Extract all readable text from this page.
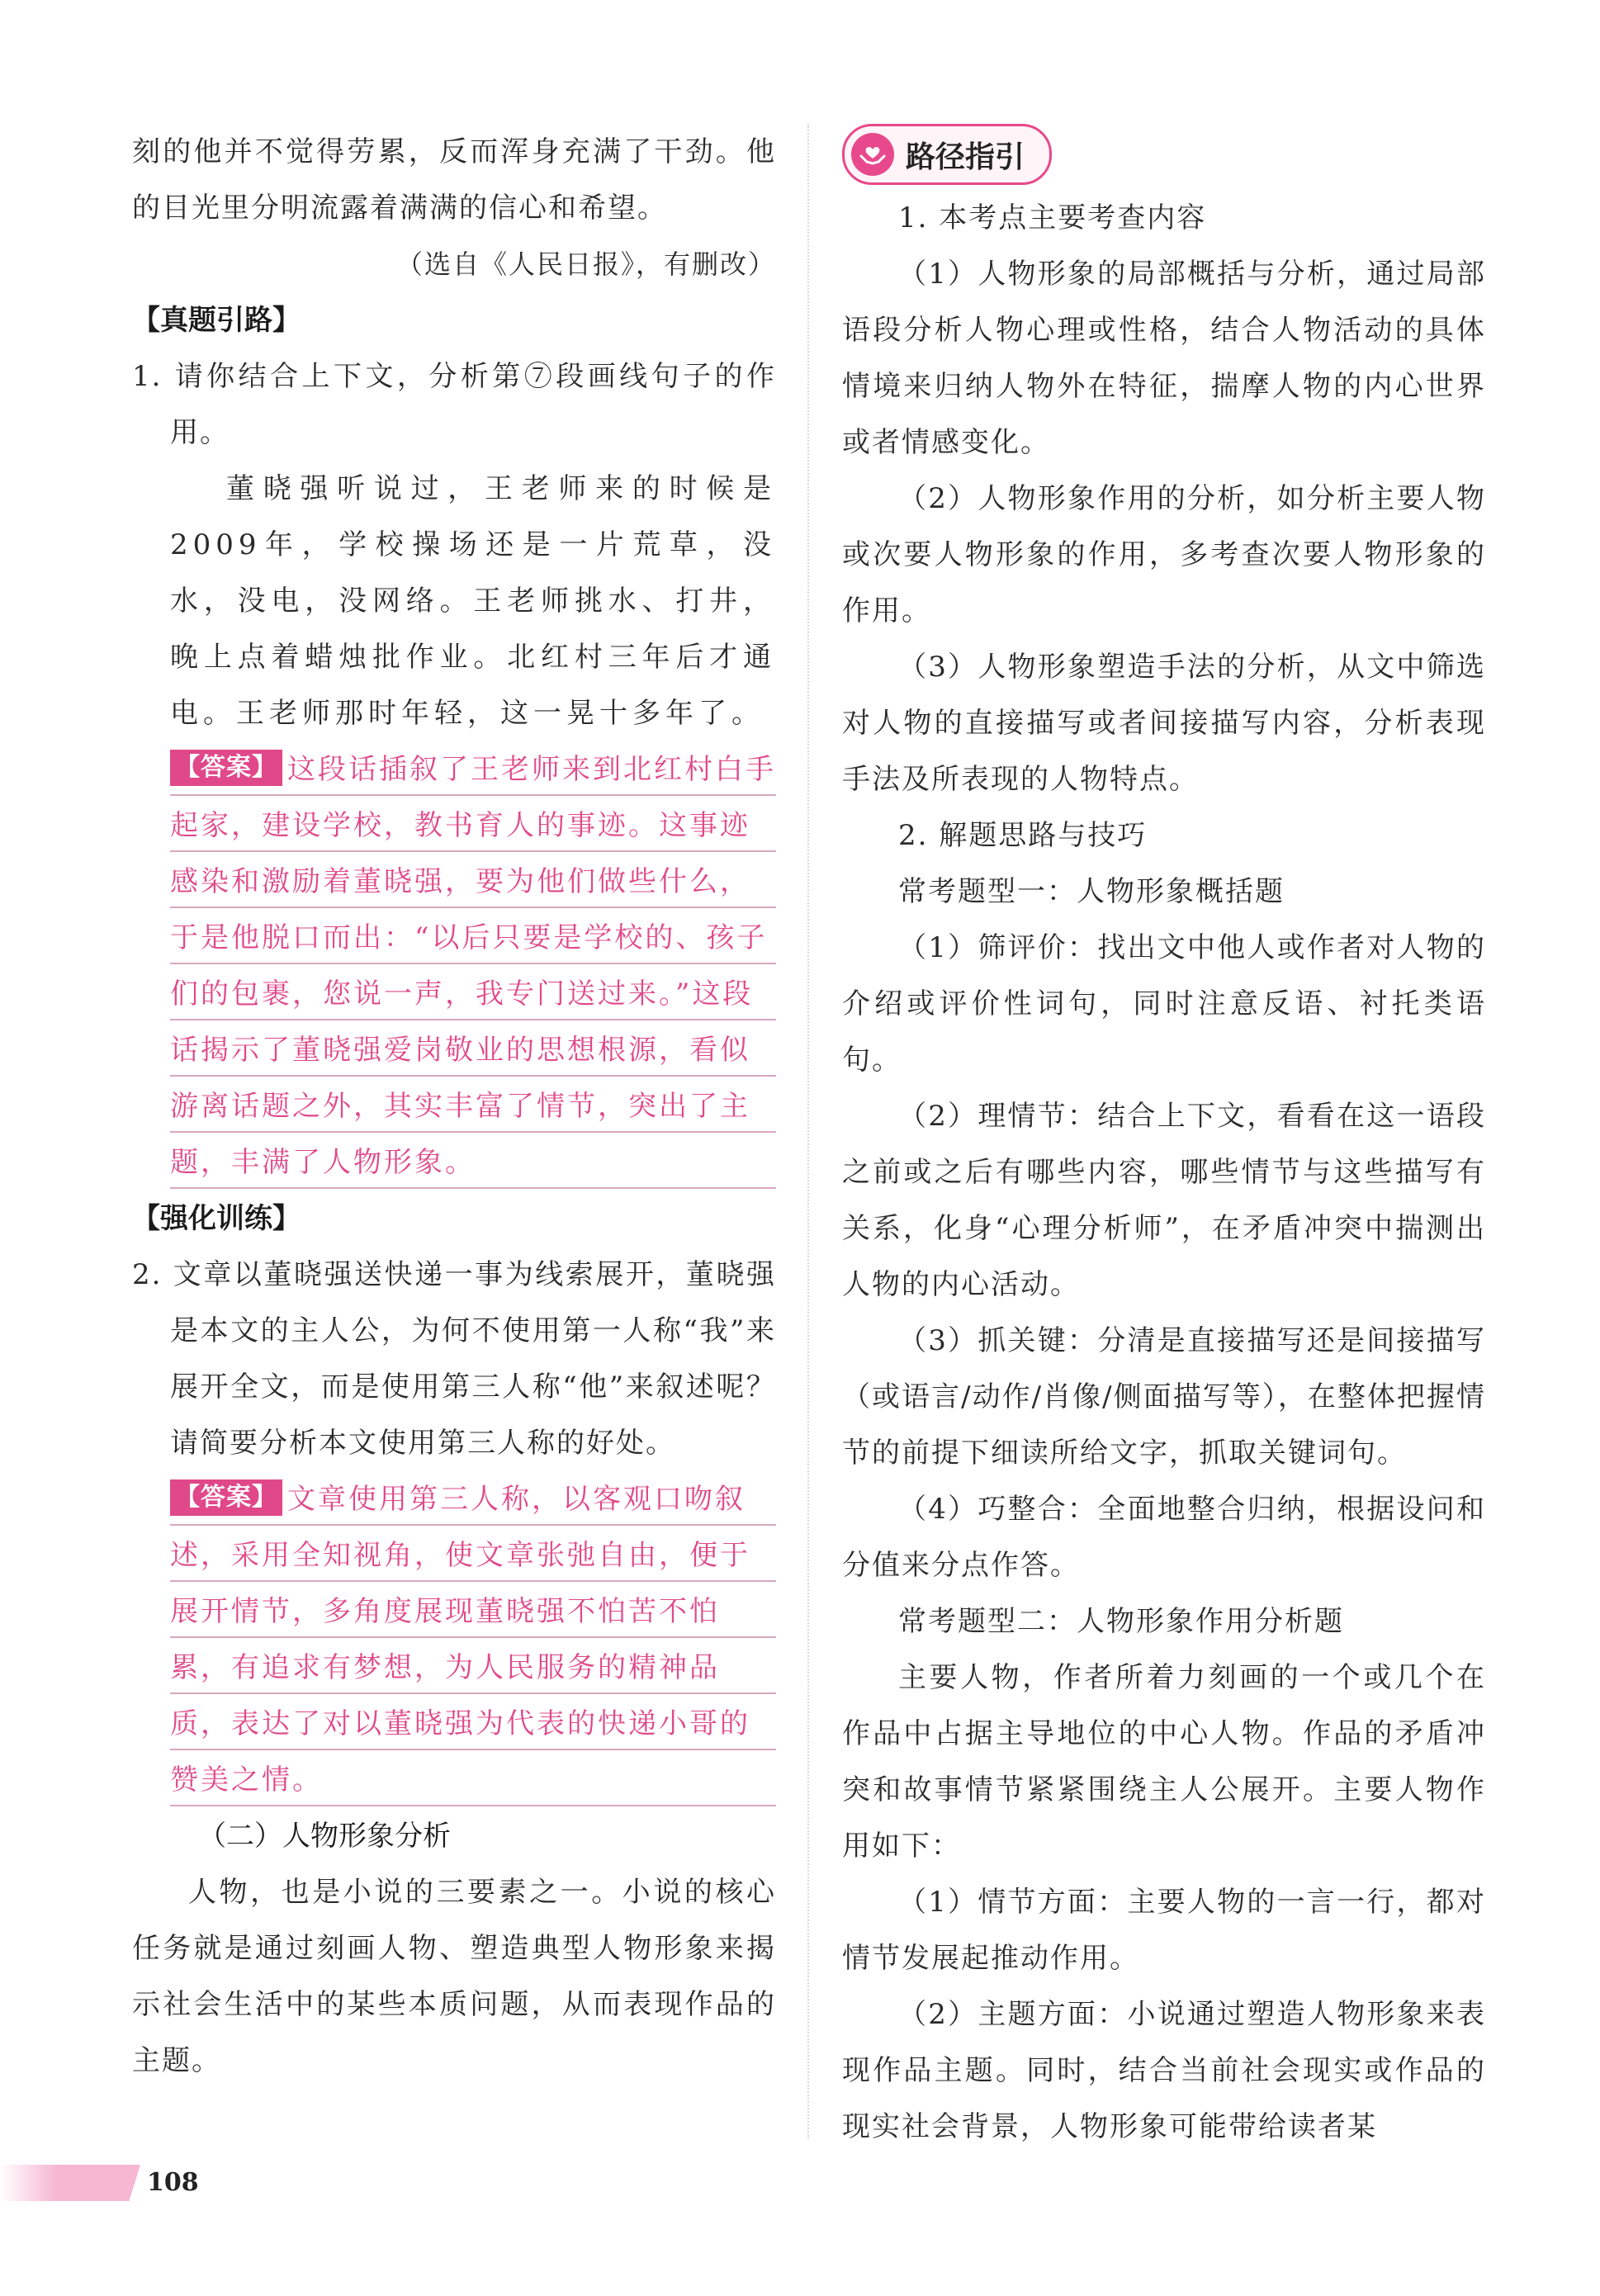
刻的他并不觉得劳累，反而浑身充满了干劲。他的目光里分明流露着满满的信心和希望。

（选自《人民日报》，有删改）

【真题引路】

1. 请你结合上下文，分析第⑦段画线句子的作用。

董晓强听说过，王老师来的时候是2009年，学校操场还是一片荒草，没水，没电，没网络。王老师挑水、打井，晚上点着蜡烛批作业。北红村三年后才通电。王老师那时年轻，这一晃十多年了。

【答案】 这段话插叙了王老师来到北红村白手起家，建设学校，教书育人的事迹。这事迹感染和激励着董晓强，要为他们做些什么，于是他脱口而出：“以后只要是学校的、孩子们的包裹，您说一声，我专门送过来。”这段话揭示了董晓强爱岗敬业的思想根源，看似游离话题之外，其实丰富了情节，突出了主题，丰满了人物形象。

【强化训练】

2. 文章以董晓强送快递一事为线索展开，董晓强是本文的主人公，为何不使用第一人称“我”来展开全文，而是使用第三人称“他”来叙述呢？请简要分析本文使用第三人称的好处。

【答案】 文章使用第三人称，以客观口吻叙述，采用全知视角，使文章张弛自由，便于展开情节，多角度展现董晓强不怕苦不怕累，有追求有梦想，为人民服务的精神品质，表达了对以董晓强为代表的快递小哥的赞美之情。

（二）人物形象分析

人物，也是小说的三要素之一。小说的核心任务就是通过刻画人物、塑造典型人物形象来揭示社会生活中的某些本质问题，从而表现作品的主题。

路径指引

1. 本考点主要考查内容

（1）人物形象的局部概括与分析，通过局部语段分析人物心理或性格，结合人物活动的具体情境来归纳人物外在特征，揣摩人物的内心世界或者情感变化。

（2）人物形象作用的分析，如分析主要人物或次要人物形象的作用，多考查次要人物形象的作用。

（3）人物形象塑造手法的分析，从文中筛选对人物的直接描写或者间接描写内容，分析表现手法及所表现的人物特点。

2. 解题思路与技巧

常考题型一：人物形象概括题

（1）筛评价：找出文中他人或作者对人物的介绍或评价性词句，同时注意反语、衬托类语句。

（2）理情节：结合上下文，看看在这一语段之前或之后有哪些内容，哪些情节与这些描写有关系，化身“心理分析师”，在矛盾冲突中揣测出人物的内心活动。

（3）抓关键：分清是直接描写还是间接描写（或语言/动作/肖像/侧面描写等），在整体把握情节的前提下细读所给文字，抓取关键词句。

（4）巧整合：全面地整合归纳，根据设问和分值来分点作答。

常考题型二：人物形象作用分析题

主要人物，作者所着力刻画的一个或几个在作品中占据主导地位的中心人物。作品的矛盾冲突和故事情节紧紧围绕主人公展开。主要人物作用如下：

（1）情节方面：主要人物的一言一行，都对情节发展起推动作用。

（2）主题方面：小说通过塑造人物形象来表现作品主题。同时，结合当前社会现实或作品的现实社会背景，人物形象可能带给读者某

108
